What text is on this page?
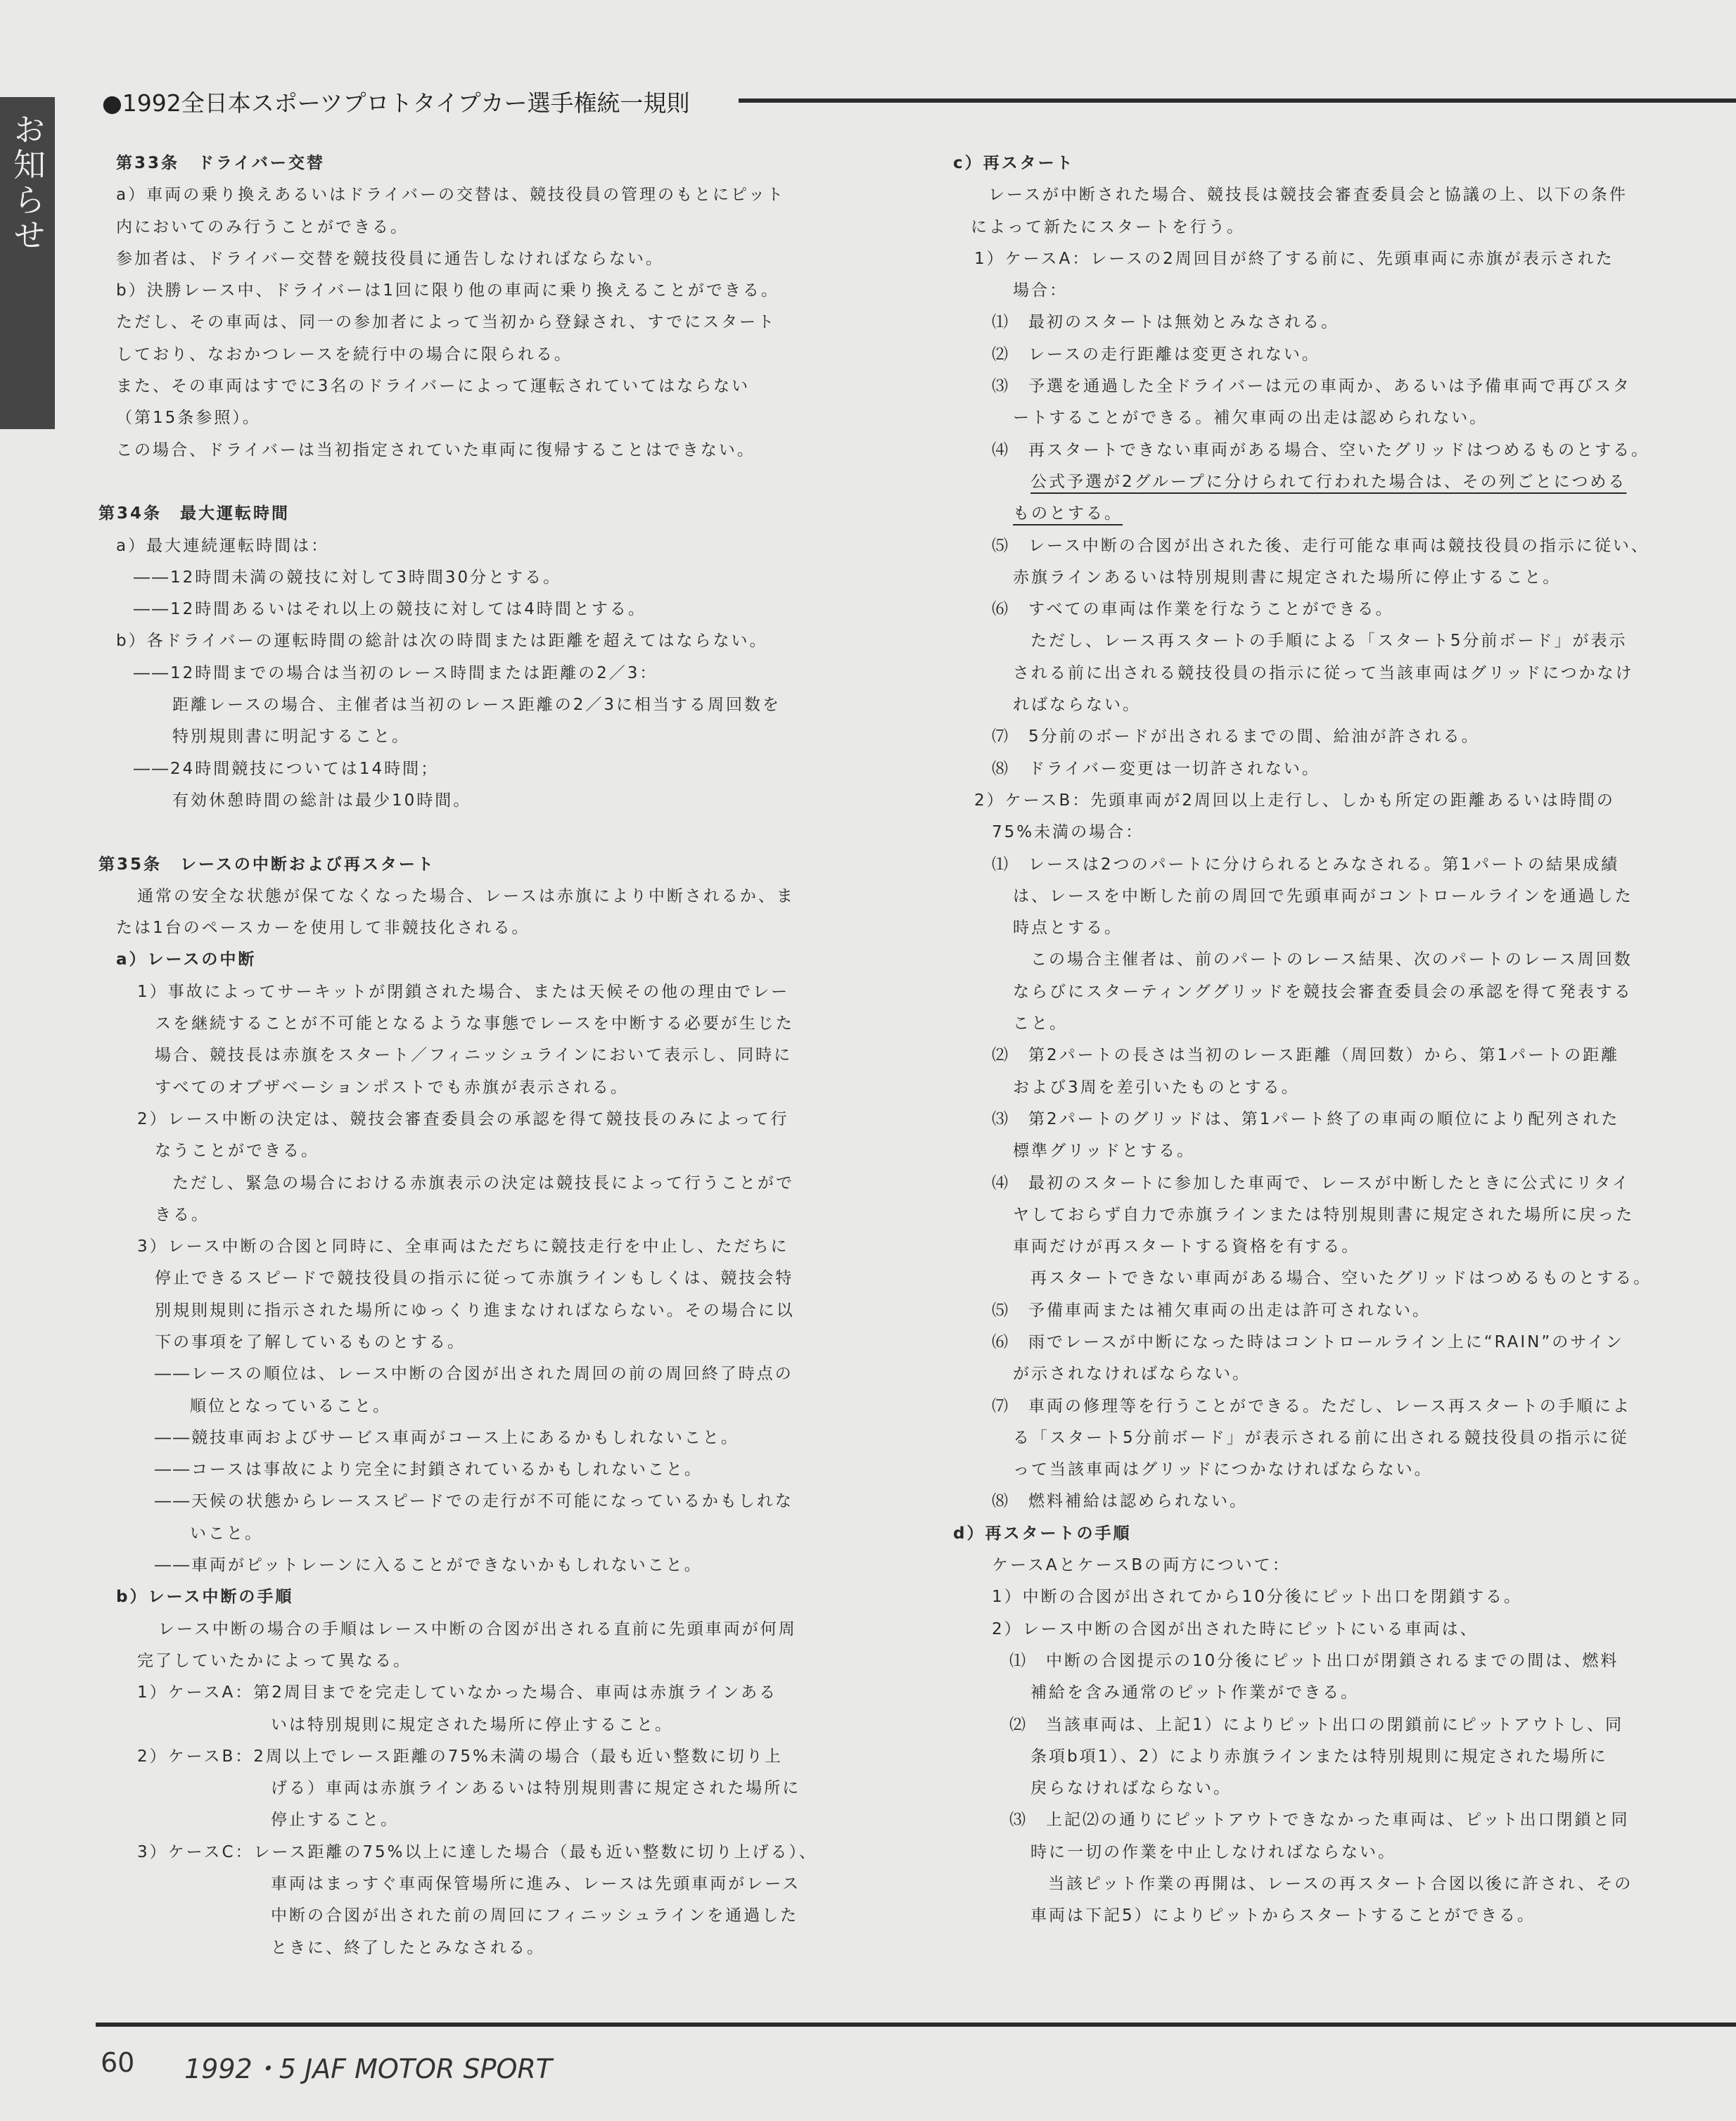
お知らせ
●1992全日本スポーツプロトタイプカー選手権統一規則
第33条　ドライバー交替
a）車両の乗り換えあるいはドライバーの交替は、競技役員の管理のもとにピット
内においてのみ行うことができる。
参加者は、ドライバー交替を競技役員に通告しなければならない。
b）決勝レース中、ドライバーは1回に限り他の車両に乗り換えることができる。
ただし、その車両は、同一の参加者によって当初から登録され、すでにスタート
しており、なおかつレースを続行中の場合に限られる。
また、その車両はすでに3名のドライバーによって運転されていてはならない
（第15条参照）。
この場合、ドライバーは当初指定されていた車両に復帰することはできない。
第34条　最大運転時間
a）最大連続運転時間は：
――12時間未満の競技に対して3時間30分とする。
――12時間あるいはそれ以上の競技に対しては4時間とする。
b）各ドライバーの運転時間の総計は次の時間または距離を超えてはならない。
――12時間までの場合は当初のレース時間または距離の2／3：
距離レースの場合、主催者は当初のレース距離の2／3に相当する周回数を
特別規則書に明記すること。
――24時間競技については14時間；
有効休憩時間の総計は最少10時間。
第35条　レースの中断および再スタート
通常の安全な状態が保てなくなった場合、レースは赤旗により中断されるか、ま
たは1台のペースカーを使用して非競技化される。
a）レースの中断
1）事故によってサーキットが閉鎖された場合、または天候その他の理由でレー
スを継続することが不可能となるような事態でレースを中断する必要が生じた
場合、競技長は赤旗をスタート／フィニッシュラインにおいて表示し、同時に
すべてのオブザベーションポストでも赤旗が表示される。
2）レース中断の決定は、競技会審査委員会の承認を得て競技長のみによって行
なうことができる。
ただし、緊急の場合における赤旗表示の決定は競技長によって行うことがで
きる。
3）レース中断の合図と同時に、全車両はただちに競技走行を中止し、ただちに
停止できるスピードで競技役員の指示に従って赤旗ラインもしくは、競技会特
別規則規則に指示された場所にゆっくり進まなければならない。その場合に以
下の事項を了解しているものとする。
――レースの順位は、レース中断の合図が出された周回の前の周回終了時点の
順位となっていること。
――競技車両およびサービス車両がコース上にあるかもしれないこと。
――コースは事故により完全に封鎖されているかもしれないこと。
――天候の状態からレーススピードでの走行が不可能になっているかもしれな
いこと。
――車両がピットレーンに入ることができないかもしれないこと。
b）レース中断の手順
レース中断の場合の手順はレース中断の合図が出される直前に先頭車両が何周
完了していたかによって異なる。
1）ケースA：第2周目までを完走していなかった場合、車両は赤旗ラインある
いは特別規則に規定された場所に停止すること。
2）ケースB：2周以上でレース距離の75%未満の場合（最も近い整数に切り上
げる）車両は赤旗ラインあるいは特別規則書に規定された場所に
停止すること。
3）ケースC：レース距離の75%以上に達した場合（最も近い整数に切り上げる）、
車両はまっすぐ車両保管場所に進み、レースは先頭車両がレース
中断の合図が出された前の周回にフィニッシュラインを通過した
ときに、終了したとみなされる。
c）再スタート
レースが中断された場合、競技長は競技会審査委員会と協議の上、以下の条件
によって新たにスタートを行う。
1）ケースA：レースの2周回目が終了する前に、先頭車両に赤旗が表示された
場合：
⑴　最初のスタートは無効とみなされる。
⑵　レースの走行距離は変更されない。
⑶　予選を通過した全ドライバーは元の車両か、あるいは予備車両で再びスタ
ートすることができる。補欠車両の出走は認められない。
⑷　再スタートできない車両がある場合、空いたグリッドはつめるものとする。
公式予選が2グループに分けられて行われた場合は、その列ごとにつめる
ものとする。
⑸　レース中断の合図が出された後、走行可能な車両は競技役員の指示に従い、
赤旗ラインあるいは特別規則書に規定された場所に停止すること。
⑹　すべての車両は作業を行なうことができる。
ただし、レース再スタートの手順による「スタート5分前ボード」が表示
される前に出される競技役員の指示に従って当該車両はグリッドにつかなけ
ればならない。
⑺　5分前のボードが出されるまでの間、給油が許される。
⑻　ドライバー変更は一切許されない。
2）ケースB：先頭車両が2周回以上走行し、しかも所定の距離あるいは時間の
75%未満の場合：
⑴　レースは2つのパートに分けられるとみなされる。第1パートの結果成績
は、レースを中断した前の周回で先頭車両がコントロールラインを通過した
時点とする。
この場合主催者は、前のパートのレース結果、次のパートのレース周回数
ならびにスターティンググリッドを競技会審査委員会の承認を得て発表する
こと。
⑵　第2パートの長さは当初のレース距離（周回数）から、第1パートの距離
および3周を差引いたものとする。
⑶　第2パートのグリッドは、第1パート終了の車両の順位により配列された
標準グリッドとする。
⑷　最初のスタートに参加した車両で、レースが中断したときに公式にリタイ
ヤしておらず自力で赤旗ラインまたは特別規則書に規定された場所に戻った
車両だけが再スタートする資格を有する。
再スタートできない車両がある場合、空いたグリッドはつめるものとする。
⑸　予備車両または補欠車両の出走は許可されない。
⑹　雨でレースが中断になった時はコントロールライン上に“RAIN”のサイン
が示されなければならない。
⑺　車両の修理等を行うことができる。ただし、レース再スタートの手順によ
る「スタート5分前ボード」が表示される前に出される競技役員の指示に従
って当該車両はグリッドにつかなければならない。
⑻　燃料補給は認められない。
d）再スタートの手順
ケースAとケースBの両方について：
1）中断の合図が出されてから10分後にピット出口を閉鎖する。
2）レース中断の合図が出された時にピットにいる車両は、
⑴　中断の合図提示の10分後にピット出口が閉鎖されるまでの間は、燃料
補給を含み通常のピット作業ができる。
⑵　当該車両は、上記1）によりピット出口の閉鎖前にピットアウトし、同
条項b項1）、2）により赤旗ラインまたは特別規則に規定された場所に
戻らなければならない。
⑶　上記⑵の通りにピットアウトできなかった車両は、ピット出口閉鎖と同
時に一切の作業を中止しなければならない。
当該ピット作業の再開は、レースの再スタート合図以後に許され、その
車両は下記5）によりピットからスタートすることができる。
60 1992・5 JAF MOTOR SPORT
